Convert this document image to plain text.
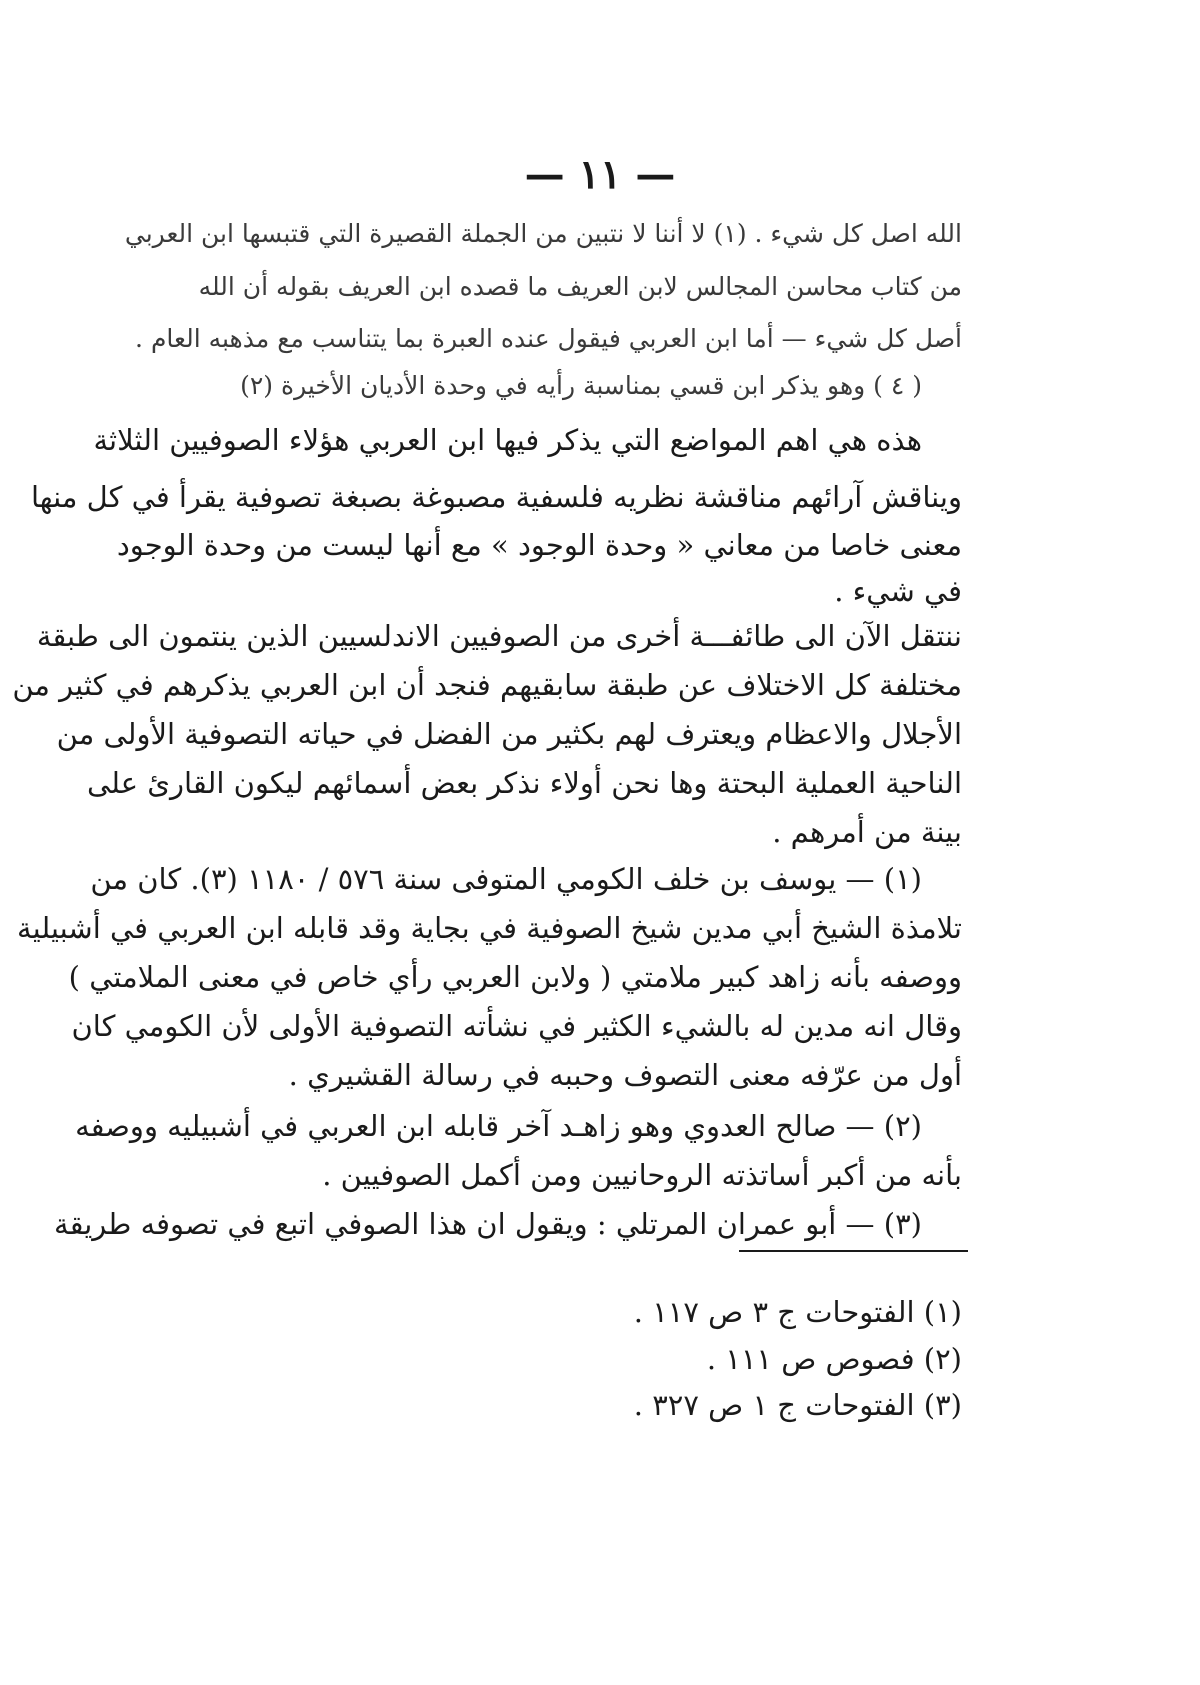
— ١١ —
الله اصل كل شيء . (١) لا أننا لا نتبين من الجملة القصيرة التي قتبسها ابن العربي
من كتاب محاسن المجالس لابن العريف ما قصده ابن العريف بقوله أن الله
أصل كل شيء — أما ابن العربي فيقول عنده العبرة بما يتناسب مع مذهبه العام .
( ٤ ) وهو يذكر ابن قسي بمناسبة رأيه في وحدة الأديان الأخيرة (٢)
هذه هي اهم المواضع التي يذكر فيها ابن العربي هؤلاء الصوفيين الثلاثة
ويناقش آرائهم مناقشة نظريه فلسفية مصبوغة بصبغة تصوفية يقرأ في كل منها
معنى خاصا من معاني « وحدة الوجود » مع أنها ليست من وحدة الوجود
في شيء .
ننتقل الآن الى طائفـــة أخرى من الصوفيين الاندلسيين الذين ينتمون الى طبقة
مختلفة كل الاختلاف عن طبقة سابقيهم فنجد أن ابن العربي يذكرهم في كثير من
الأجلال والاعظام ويعترف لهم بكثير من الفضل في حياته التصوفية الأولى من
الناحية العملية البحتة وها نحن أولاء نذكر بعض أسمائهم ليكون القارئ على
بينة من أمرهم .
(١) — يوسف بن خلف الكومي المتوفى سنة ٥٧٦ / ١١٨٠ (٣). كان من
تلامذة الشيخ أبي مدين شيخ الصوفية في بجاية وقد قابله ابن العربي في أشبيلية
ووصفه بأنه زاهد كبير ملامتي ( ولابن العربي رأي خاص في معنى الملامتي )
وقال انه مدين له بالشيء الكثير في نشأته التصوفية الأولى لأن الكومي كان
أول من عرّفه معنى التصوف وحببه في رسالة القشيري .
(٢) — صالح العدوي وهو زاهـد آخر قابله ابن العربي في أشبيليه ووصفه
بأنه من أكبر أساتذته الروحانيين ومن أكمل الصوفيين .
(٣) — أبو عمران المرتلي : ويقول ان هذا الصوفي اتبع في تصوفه طريقة
(١) الفتوحات ج ٣ ص ١١٧ .
(٢) فصوص ص ١١١ .
(٣) الفتوحات ج ١ ص ٣٢٧ .
